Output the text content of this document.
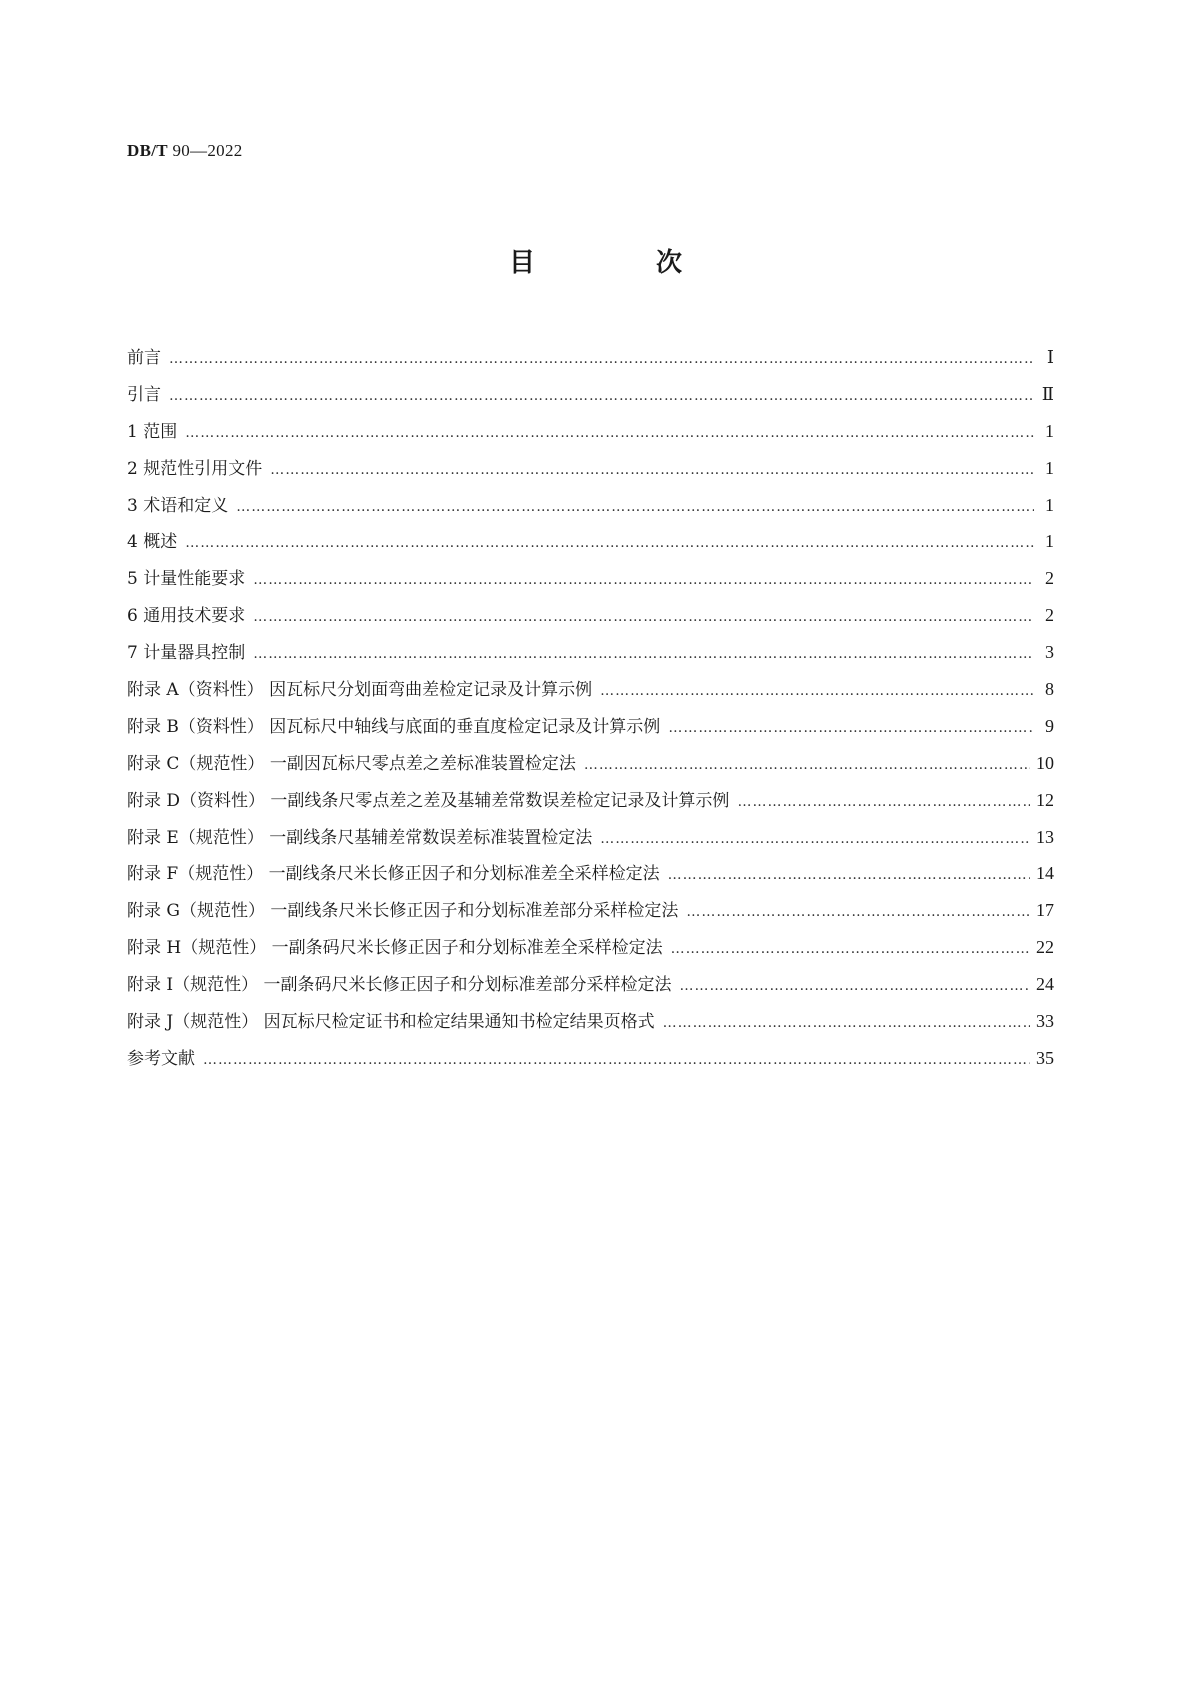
DB/T 90—2022
目 次
前言 …………………………………………………………………………………………………………………………………………………………………………………………	Ⅰ
引言 …………………………………………………………………………………………………………………………………………………………………………………………	Ⅱ
1 范围 …………………………………………………………………………………………………………………………………………………………………………………………	1
2 规范性引用文件 …………………………………………………………………………………………………………………………………………………………………………………………	1
3 术语和定义 …………………………………………………………………………………………………………………………………………………………………………………………	1
4 概述 …………………………………………………………………………………………………………………………………………………………………………………………	1
5 计量性能要求 …………………………………………………………………………………………………………………………………………………………………………………………	2
6 通用技术要求 …………………………………………………………………………………………………………………………………………………………………………………………	2
7 计量器具控制 …………………………………………………………………………………………………………………………………………………………………………………………	3
附录 A（资料性） 因瓦标尺分划面弯曲差检定记录及计算示例 …………………………………………………………………………………………………………………………………………………………………………………………	8
附录 B（资料性） 因瓦标尺中轴线与底面的垂直度检定记录及计算示例 …………………………………………………………………………………………………………………………………………………………………………………………	9
附录 C（规范性） 一副因瓦标尺零点差之差标准装置检定法 …………………………………………………………………………………………………………………………………………………………………………………………	10
附录 D（资料性） 一副线条尺零点差之差及基辅差常数误差检定记录及计算示例 …………………………………………………………………………………………………………………………………………………………………………………………	12
附录 E（规范性） 一副线条尺基辅差常数误差标准装置检定法 …………………………………………………………………………………………………………………………………………………………………………………………	13
附录 F（规范性） 一副线条尺米长修正因子和分划标准差全采样检定法 …………………………………………………………………………………………………………………………………………………………………………………………	14
附录 G（规范性） 一副线条尺米长修正因子和分划标准差部分采样检定法 …………………………………………………………………………………………………………………………………………………………………………………………	17
附录 H（规范性） 一副条码尺米长修正因子和分划标准差全采样检定法 …………………………………………………………………………………………………………………………………………………………………………………………	22
附录 I（规范性） 一副条码尺米长修正因子和分划标准差部分采样检定法 …………………………………………………………………………………………………………………………………………………………………………………………	24
附录 J（规范性） 因瓦标尺检定证书和检定结果通知书检定结果页格式 …………………………………………………………………………………………………………………………………………………………………………………………	33
参考文献 …………………………………………………………………………………………………………………………………………………………………………………………	35
